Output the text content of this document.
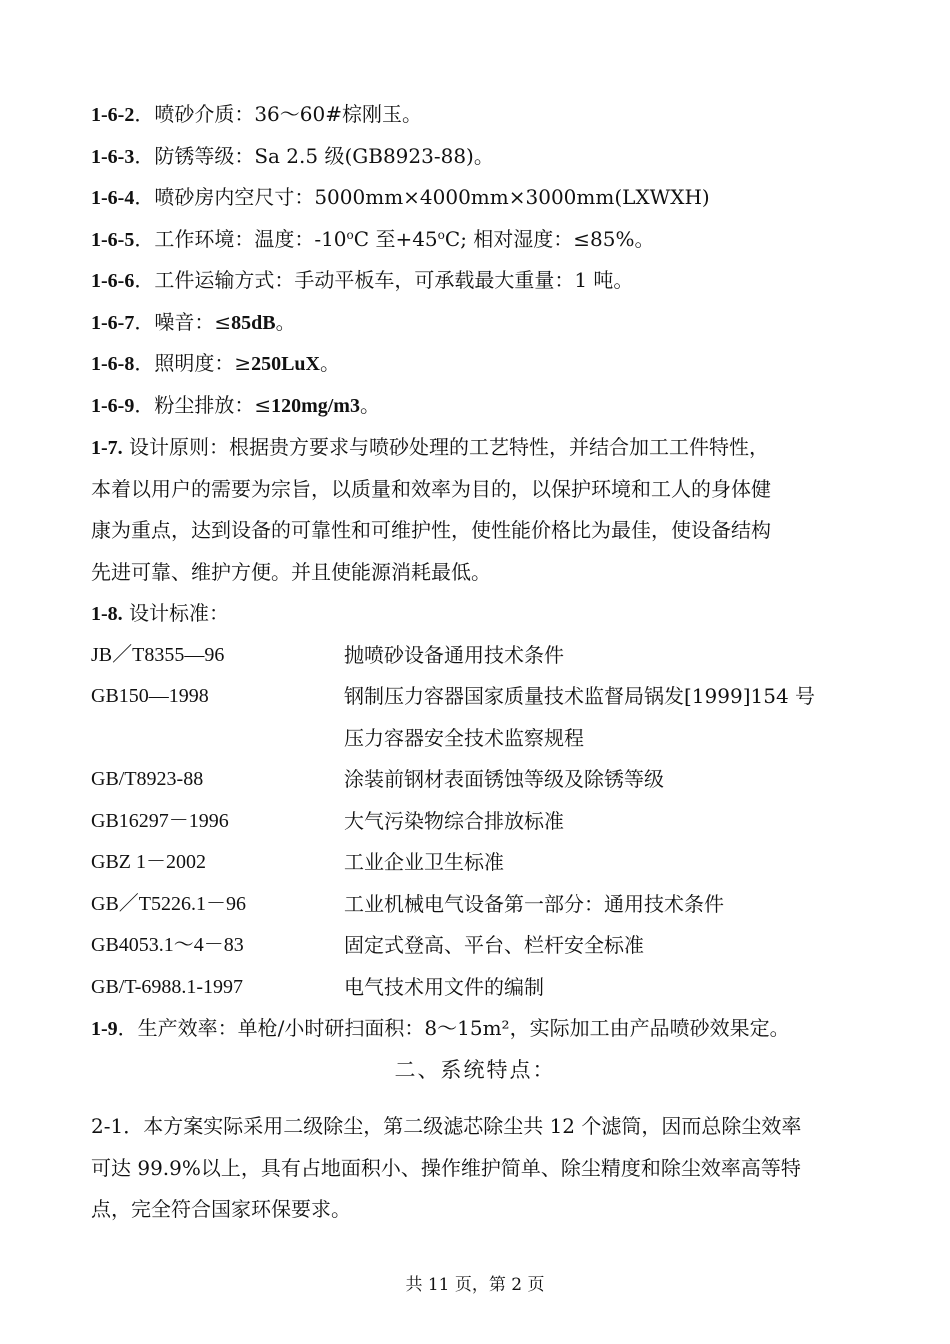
1-6-2．喷砂介质：36～60#棕刚玉。
1-6-3．防锈等级：Sa 2.5 级(GB8923-88)。
1-6-4．喷砂房内空尺寸：5000mm×4000mm×3000mm(LXWXH)
1-6-5．工作环境：温度：-10$^o$C 至$+45^oC$; 相对湿度：≤85%。
1-6-6．工件运输方式：手动平板车，可承载最大重量：1 吨。
1-6-7．噪音：≤85dB。
1-6-8．照明度：≥250LuX。
1-6-9．粉尘排放：≤120mg/m3。
1-7. 设计原则：根据贵方要求与喷砂处理的工艺特性，并结合加工工件特性，
本着以用户的需要为宗旨，以质量和效率为目的，以保护环境和工人的身体健
康为重点，达到设备的可靠性和可维护性，使性能价格比为最佳，使设备结构
先进可靠、维护方便。并且使能源消耗最低。
1-8. 设计标准：
JB／T8355—96	抛喷砂设备通用技术条件
GB150—1998	钢制压力容器国家质量技术监督局锅发[1999]154 号
压力容器安全技术监察规程
GB/T8923-88	涂装前钢材表面锈蚀等级及除锈等级
GB16297－1996	大气污染物综合排放标准
GBZ 1－2002	工业企业卫生标准
GB／T5226.1－96	工业机械电气设备第一部分：通用技术条件
GB4053.1～4－83	固定式登高、平台、栏杆安全标准
GB/T-6988.1-1997	电气技术用文件的编制
1-9．生产效率：单枪/小时研扫面积：8～15m²，实际加工由产品喷砂效果定。
二、系统特点：
2-1．本方案实际采用二级除尘，第二级滤芯除尘共 12 个滤筒，因而总除尘效率
可达 99.9%以上，具有占地面积小、操作维护简单、除尘精度和除尘效率高等特
点，完全符合国家环保要求。
共 11 页，第 2 页
